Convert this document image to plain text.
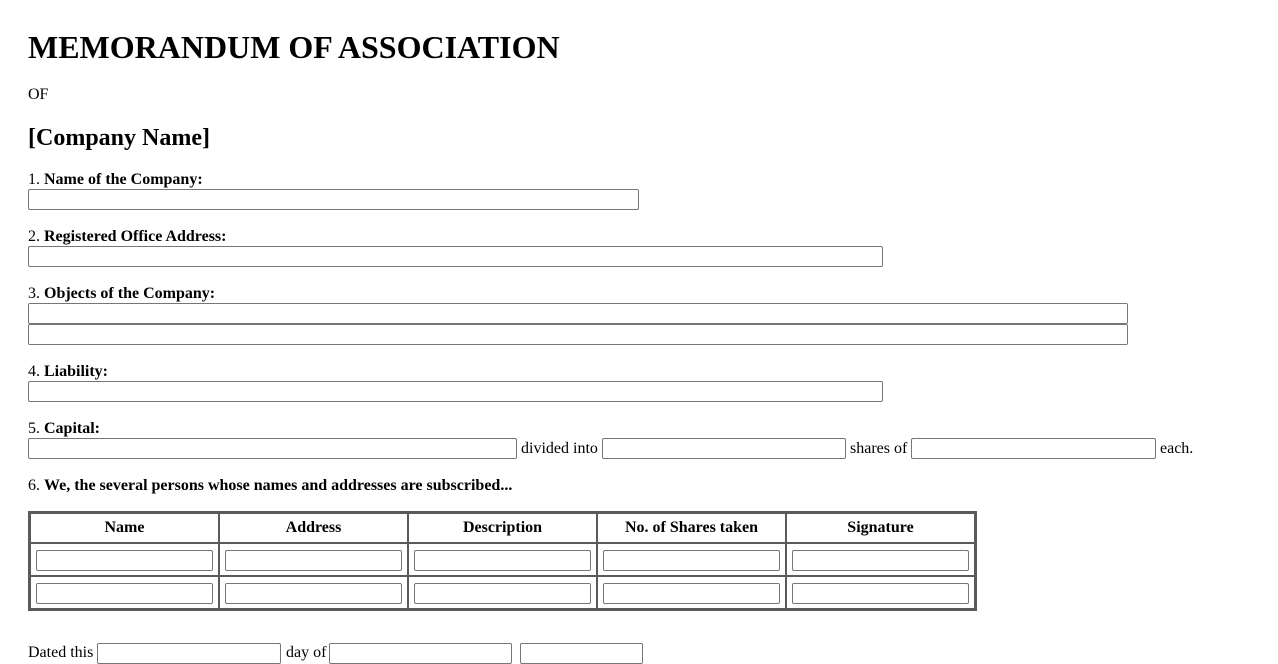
MEMORANDUM OF ASSOCIATION
OF
[Company Name]
1. Name of the Company:
2. Registered Office Address:
3. Objects of the Company:
4. Liability:
5. Capital:
divided into	shares of	each.
6. We, the several persons whose names and addresses are subscribed...
Name	Address	Description	No. of Shares taken	Signature

Dated this	day of
